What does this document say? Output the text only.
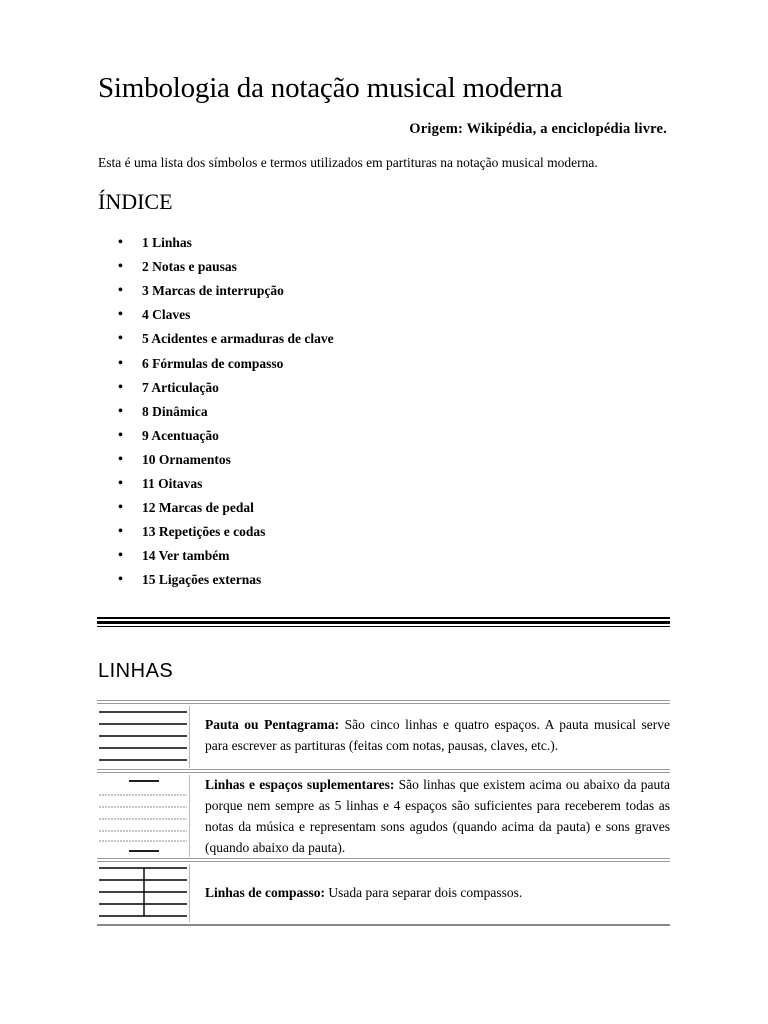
Simbologia da notação musical moderna
Origem: Wikipédia, a enciclopédia livre.
Esta é uma lista dos símbolos e termos utilizados em partituras na notação musical moderna.
ÍNDICE
•	1 Linhas
•	2 Notas e pausas
•	3 Marcas de interrupção
•	4 Claves
•	5 Acidentes e armaduras de clave
•	6 Fórmulas de compasso
•	7 Articulação
•	8 Dinâmica
•	9 Acentuação
•	10 Ornamentos
•	11 Oitavas
•	12 Marcas de pedal
•	13 Repetições e codas
•	14 Ver também
•	15 Ligações externas
LINHAS
Pauta ou Pentagrama: São cinco linhas e quatro espaços. A pauta musical serve para escrever as partituras (feitas com notas, pausas, claves, etc.).
Linhas e espaços suplementares: São linhas que existem acima ou abaixo da pauta porque nem sempre as 5 linhas e 4 espaços são suficientes para receberem todas as notas da música e representam sons agudos (quando acima da pauta) e sons graves (quando abaixo da pauta).
Linhas de compasso: Usada para separar dois compassos.
